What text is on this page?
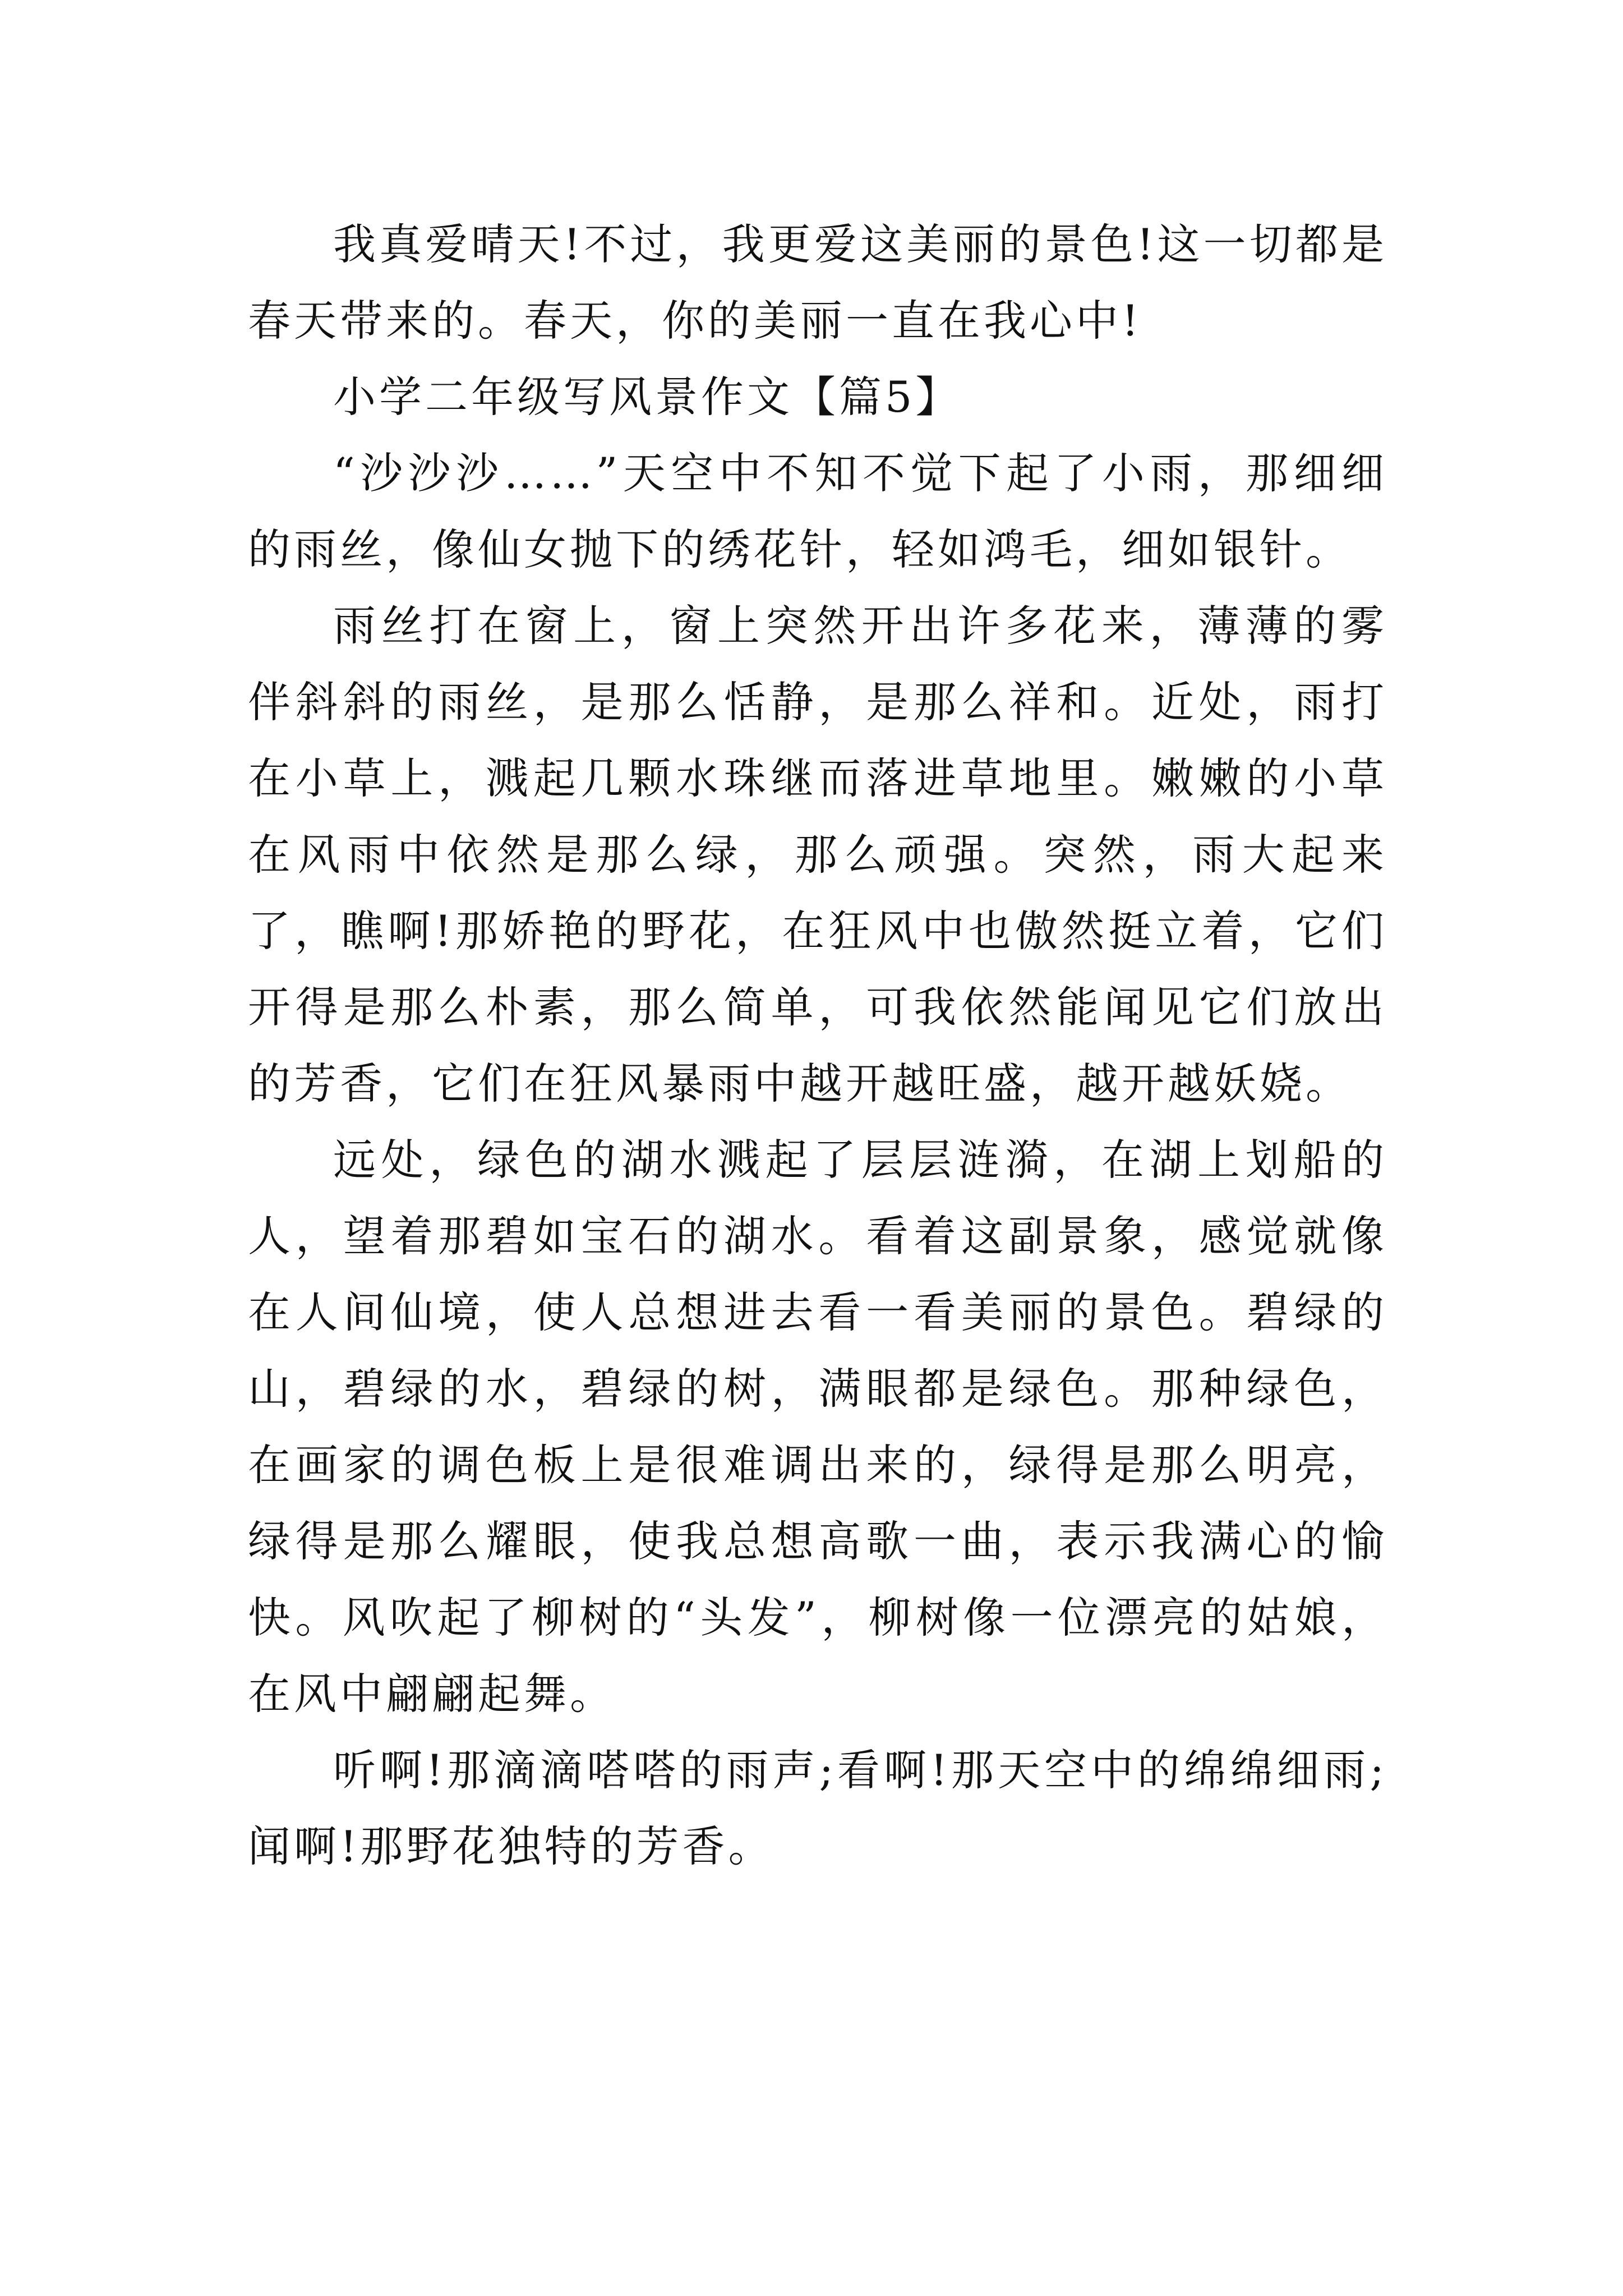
我真爱晴天!不过，我更爱这美丽的景色!这一切都是春天带来的。春天，你的美丽一直在我心中!

小学二年级写风景作文【篇5】

“沙沙沙……”天空中不知不觉下起了小雨，那细细的雨丝，像仙女抛下的绣花针，轻如鸿毛，细如银针。

雨丝打在窗上，窗上突然开出许多花来，薄薄的雾伴斜斜的雨丝，是那么恬静，是那么祥和。近处，雨打在小草上，溅起几颗水珠继而落进草地里。嫩嫩的小草在风雨中依然是那么绿，那么顽强。突然，雨大起来了，瞧啊!那娇艳的野花，在狂风中也傲然挺立着，它们开得是那么朴素，那么简单，可我依然能闻见它们放出的芳香，它们在狂风暴雨中越开越旺盛，越开越妖娆。

远处，绿色的湖水溅起了层层涟漪，在湖上划船的人，望着那碧如宝石的湖水。看着这副景象，感觉就像在人间仙境，使人总想进去看一看美丽的景色。碧绿的山，碧绿的水，碧绿的树，满眼都是绿色。那种绿色，在画家的调色板上是很难调出来的，绿得是那么明亮，绿得是那么耀眼，使我总想高歌一曲，表示我满心的愉快。风吹起了柳树的“头发”，柳树像一位漂亮的姑娘，在风中翩翩起舞。

听啊!那滴滴嗒嗒的雨声;看啊!那天空中的绵绵细雨;闻啊!那野花独特的芳香。
